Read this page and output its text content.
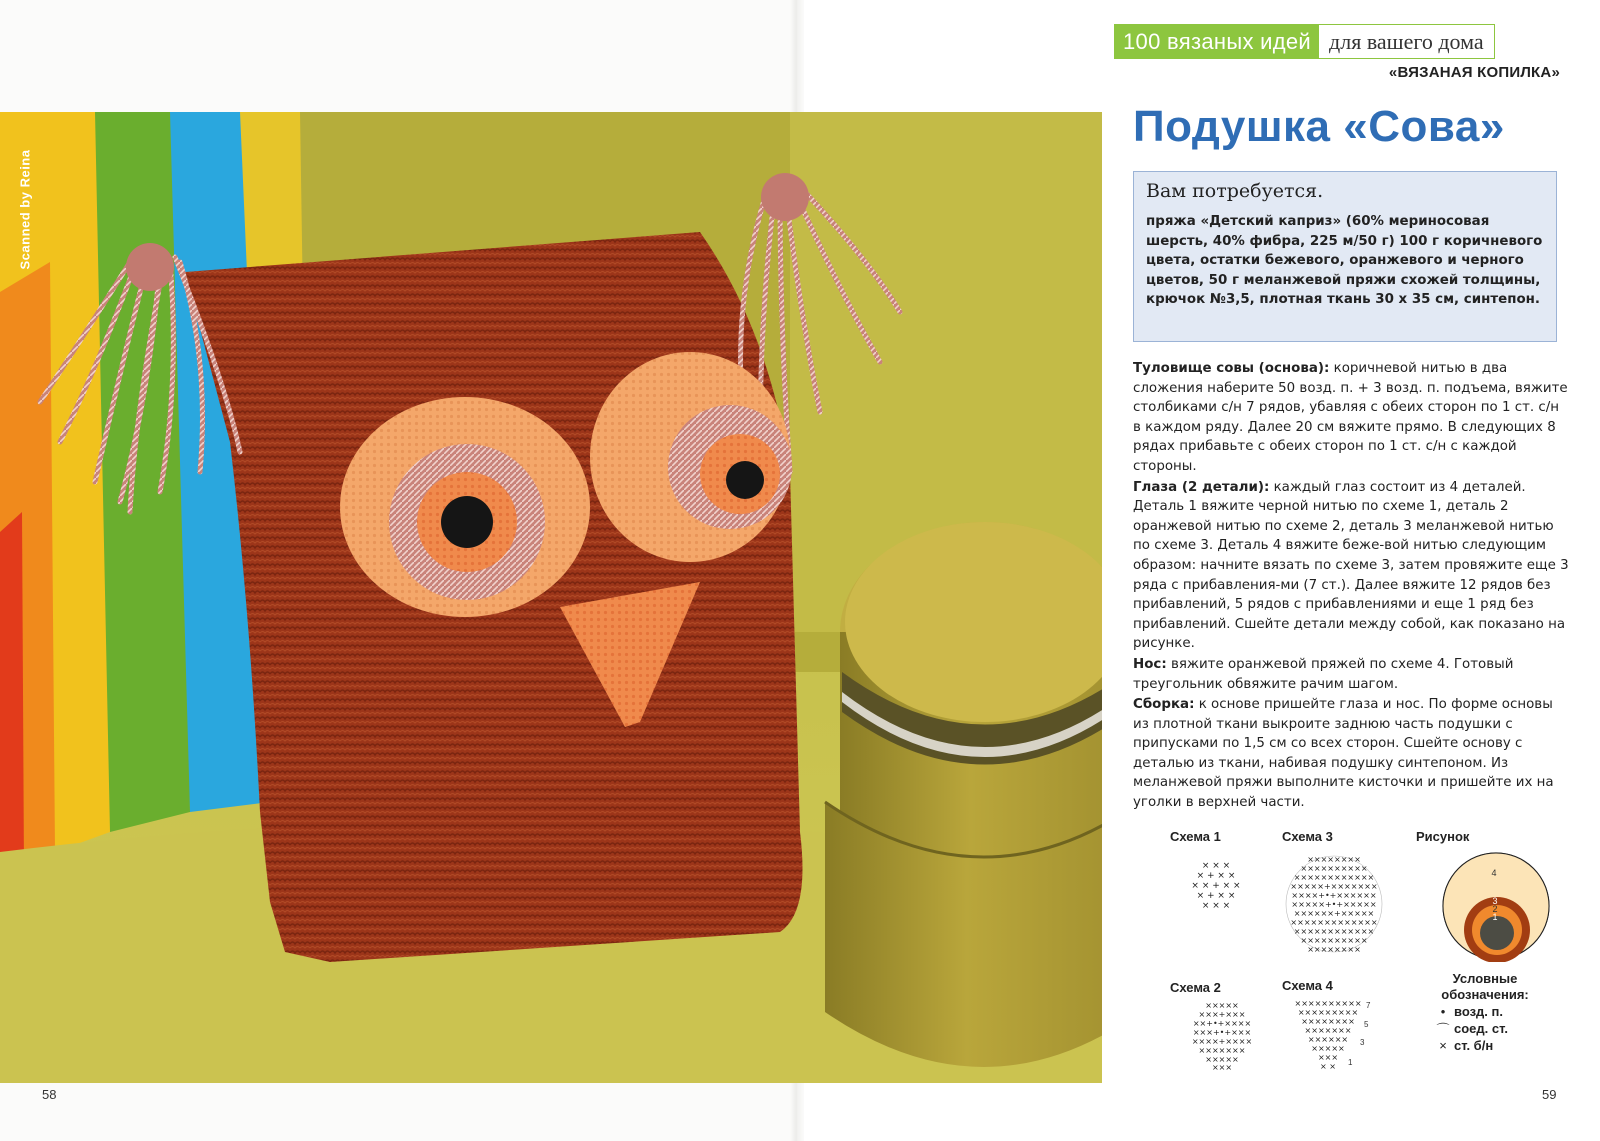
Scanned by Reina
58	59
100 вязаных идей для вашего дома
«ВЯЗАНАЯ КОПИЛКА»
Подушка «Сова»
Вам потребуется.

пряжа «Детский каприз» (60% мериносовая шерсть, 40% фибра, 225 м/50 г) 100 г коричневого цвета, остатки бежевого, оранжевого и черного цветов, 50 г меланжевой пряжи схожей толщины, крючок №3,5, плотная ткань 30 х 35 см, синтепон.

Туловище совы (основа): коричневой нитью в два сложения наберите 50 возд. п. + 3 возд. п. подъема, вяжите столбиками с/н 7 рядов, убавляя с обеих сторон по 1 ст. с/н в каждом ряду. Далее 20 см вяжите прямо. В следующих 8 рядах прибавьте с обеих сторон по 1 ст. с/н с каждой стороны.

Глаза (2 детали): каждый глаз состоит из 4 деталей. Деталь 1 вяжите черной нитью по схеме 1, деталь 2 оранжевой нитью по схеме 2, деталь 3 меланжевой нитью по схеме 3. Деталь 4 вяжите беже-вой нитью следующим образом: начните вязать по схеме 3, затем провяжите еще 3 ряда с прибавления-ми (7 ст.). Далее вяжите 12 рядов без прибавлений, 5 рядов с прибавлениями и еще 1 ряд без прибавлений. Сшейте детали между собой, как показано на рисунке.

Нос: вяжите оранжевой пряжей по схеме 4. Готовый треугольник обвяжите рачим шагом.

Сборка: к основе пришейте глаза и нос. По форме основы из плотной ткани выкроите заднюю часть подушки с припусками по 1,5 см со всех сторон. Сшейте основу с деталью из ткани, набивая подушку синтепоном. Из меланжевой пряжи выполните кисточки и пришейте их на уголки в верхней части.

Схема 1	Схема 3	Рисунок
Схема 2	Схема 4
× × ×
× + × ×
× × + × ×
× + × ×
× × ×
××××××××
××××××××××
××××××××××××
×××××+×××××××
××××+•+××××××
×××××+•+×××××
××××××+×××××
×××××××××××××
××××××××××××
××××××××××
××××××××
4
3
2
1
×××××
×××+×××
××+•+××××
×××+•+×××
××××+××××
×××××××
×××××
×××
××××××××××
×××××××××
××××××××
×××××××
××××××
×××××
×××
× ×
7
5
3
1
Условные обозначения:
• возд. п.
⌒ соед. ст.
× ст. б/н
